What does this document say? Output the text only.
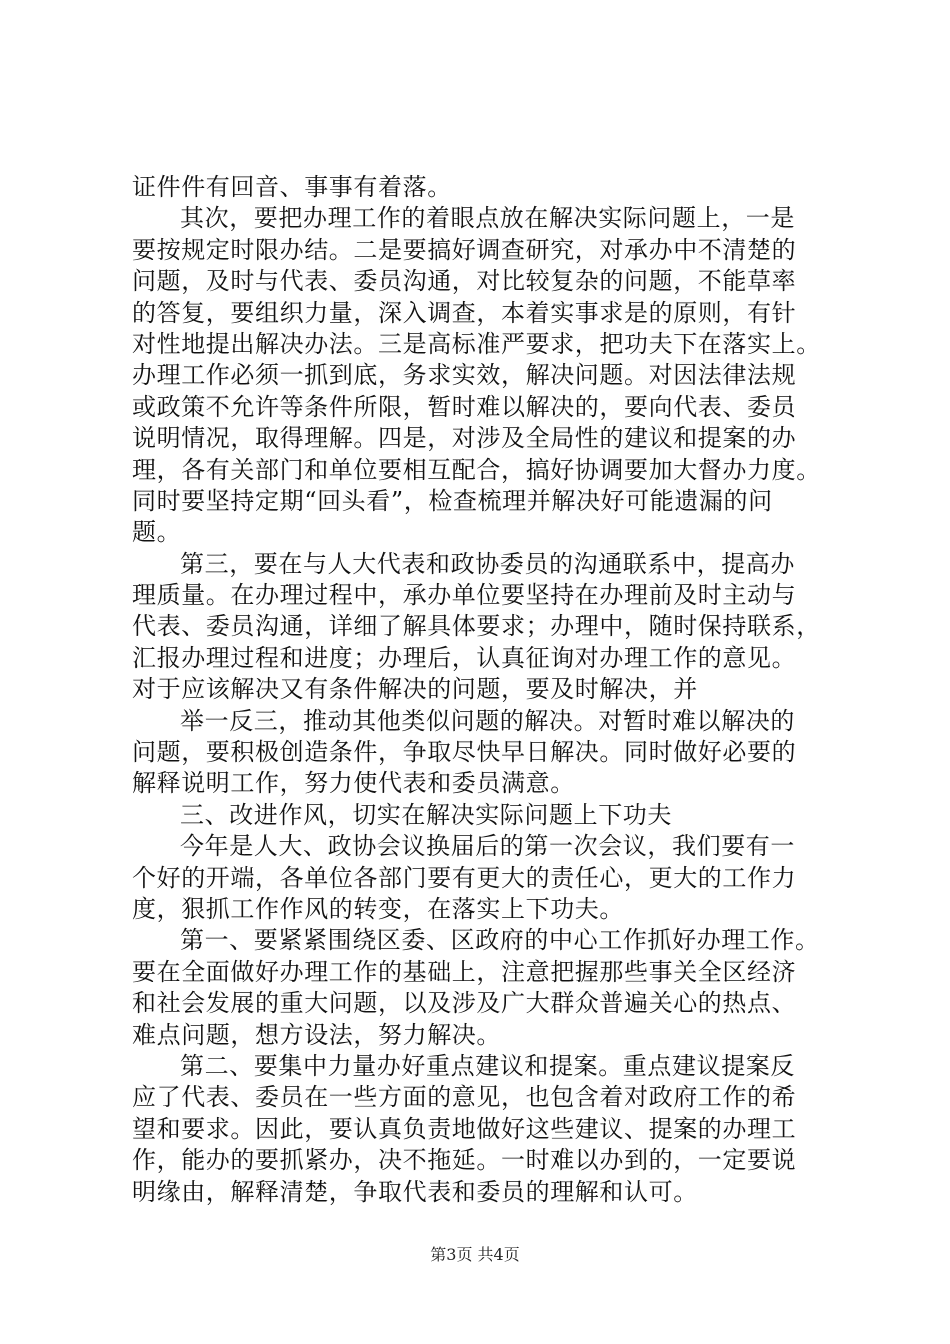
证件件有回音、事事有着落。
其次，要把办理工作的着眼点放在解决实际问题上，一是
要按规定时限办结。二是要搞好调查研究，对承办中不清楚的
问题，及时与代表、委员沟通，对比较复杂的问题，不能草率
的答复，要组织力量，深入调查，本着实事求是的原则，有针
对性地提出解决办法。三是高标准严要求，把功夫下在落实上。
办理工作必须一抓到底，务求实效，解决问题。对因法律法规
或政策不允许等条件所限，暂时难以解决的，要向代表、委员
说明情况，取得理解。四是，对涉及全局性的建议和提案的办
理，各有关部门和单位要相互配合，搞好协调要加大督办力度。
同时要坚持定期“回头看”，检查梳理并解决好可能遗漏的问
题。
第三，要在与人大代表和政协委员的沟通联系中，提高办
理质量。在办理过程中，承办单位要坚持在办理前及时主动与
代表、委员沟通，详细了解具体要求；办理中，随时保持联系，
汇报办理过程和进度；办理后，认真征询对办理工作的意见。
对于应该解决又有条件解决的问题，要及时解决，并
举一反三，推动其他类似问题的解决。对暂时难以解决的
问题，要积极创造条件，争取尽快早日解决。同时做好必要的
解释说明工作，努力使代表和委员满意。
三、改进作风，切实在解决实际问题上下功夫
今年是人大、政协会议换届后的第一次会议，我们要有一
个好的开端，各单位各部门要有更大的责任心，更大的工作力
度，狠抓工作作风的转变，在落实上下功夫。
第一、要紧紧围绕区委、区政府的中心工作抓好办理工作。
要在全面做好办理工作的基础上，注意把握那些事关全区经济
和社会发展的重大问题，以及涉及广大群众普遍关心的热点、
难点问题，想方设法，努力解决。
第二、要集中力量办好重点建议和提案。重点建议提案反
应了代表、委员在一些方面的意见，也包含着对政府工作的希
望和要求。因此，要认真负责地做好这些建议、提案的办理工
作，能办的要抓紧办，决不拖延。一时难以办到的，一定要说
明缘由，解释清楚，争取代表和委员的理解和认可。
第3页 共4页
